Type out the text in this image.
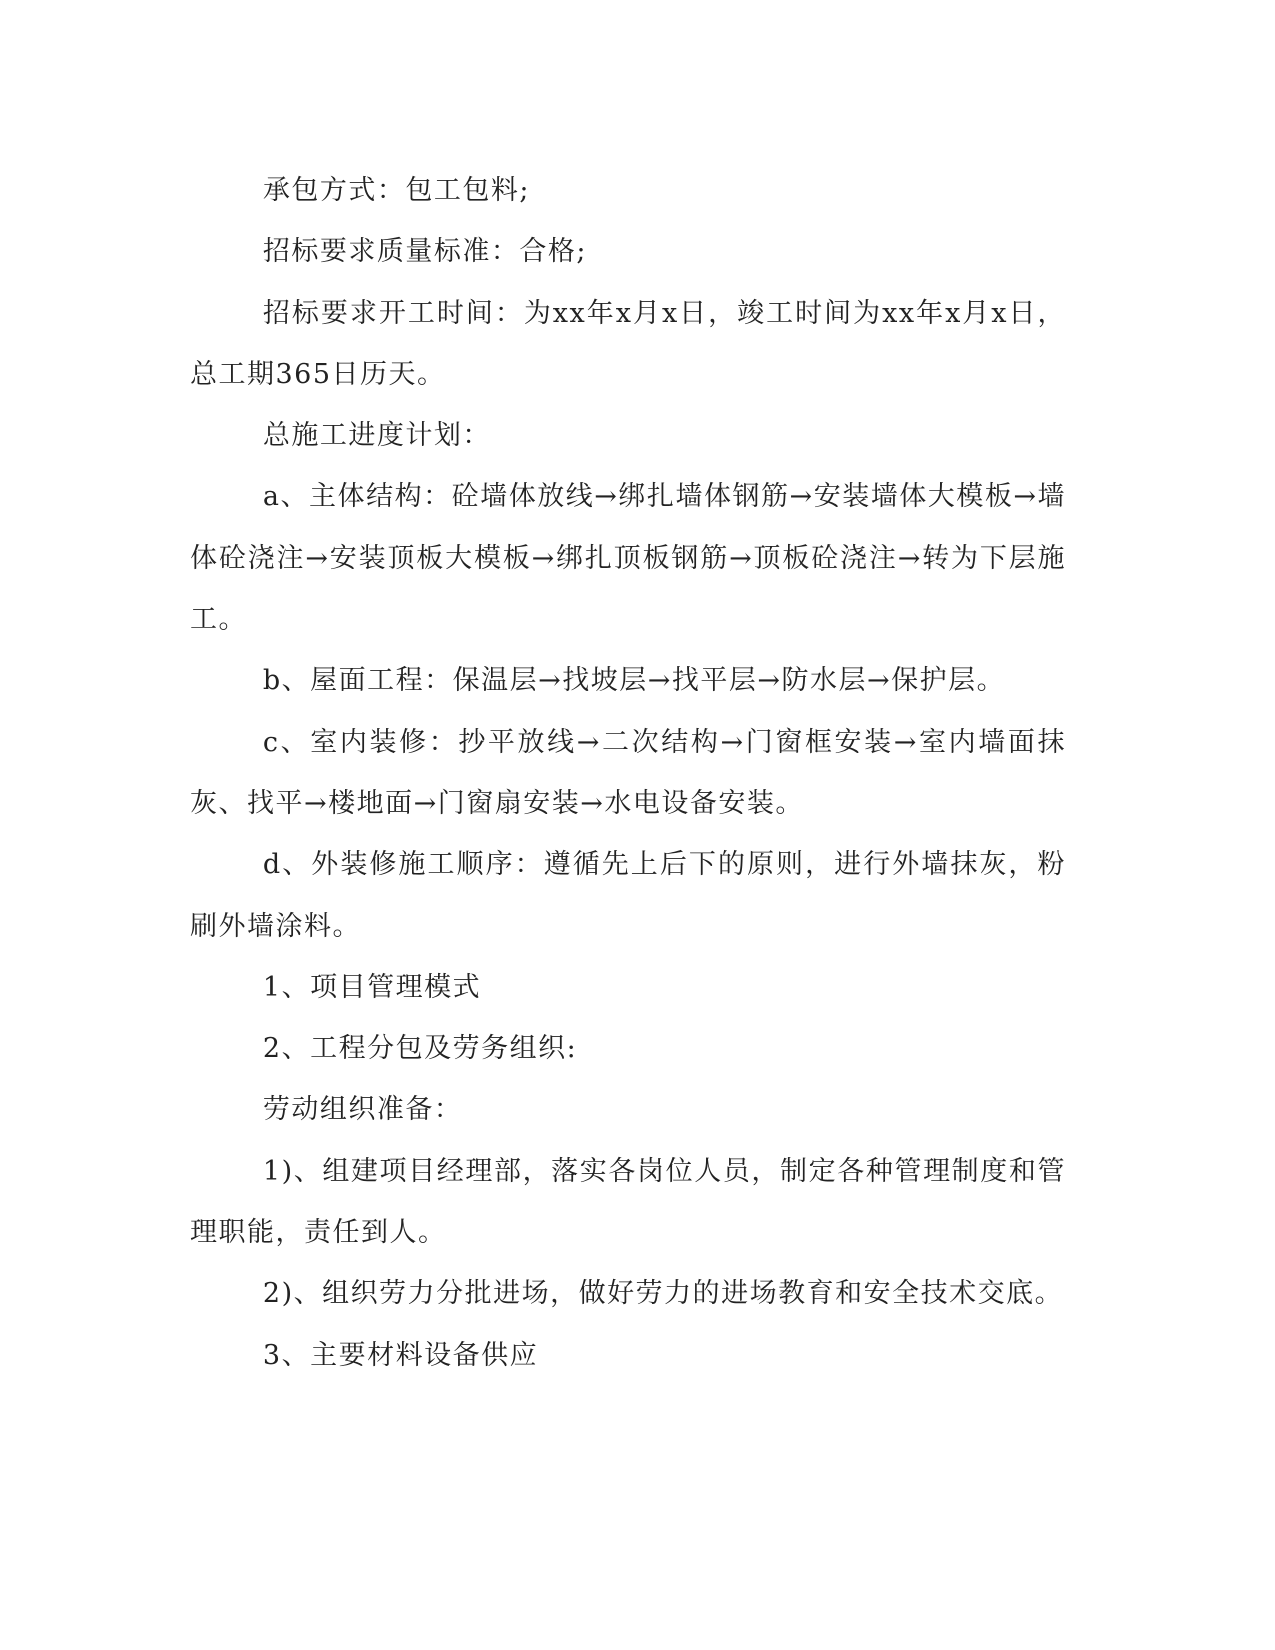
承包方式：包工包料;

招标要求质量标准：合格;

招标要求开工时间：为xx年x月x日，竣工时间为xx年x月x日，总工期365日历天。

总施工进度计划：

a、主体结构：砼墙体放线→绑扎墙体钢筋→安装墙体大模板→墙体砼浇注→安装顶板大模板→绑扎顶板钢筋→顶板砼浇注→转为下层施工。

b、屋面工程：保温层→找坡层→找平层→防水层→保护层。

c、室内装修：抄平放线→二次结构→门窗框安装→室内墙面抹灰、找平→楼地面→门窗扇安装→水电设备安装。

d、外装修施工顺序：遵循先上后下的原则，进行外墙抹灰，粉刷外墙涂料。

1、项目管理模式

2、工程分包及劳务组织:

劳动组织准备：

1)、组建项目经理部，落实各岗位人员，制定各种管理制度和管理职能，责任到人。

2)、组织劳力分批进场，做好劳力的进场教育和安全技术交底。

3、主要材料设备供应
